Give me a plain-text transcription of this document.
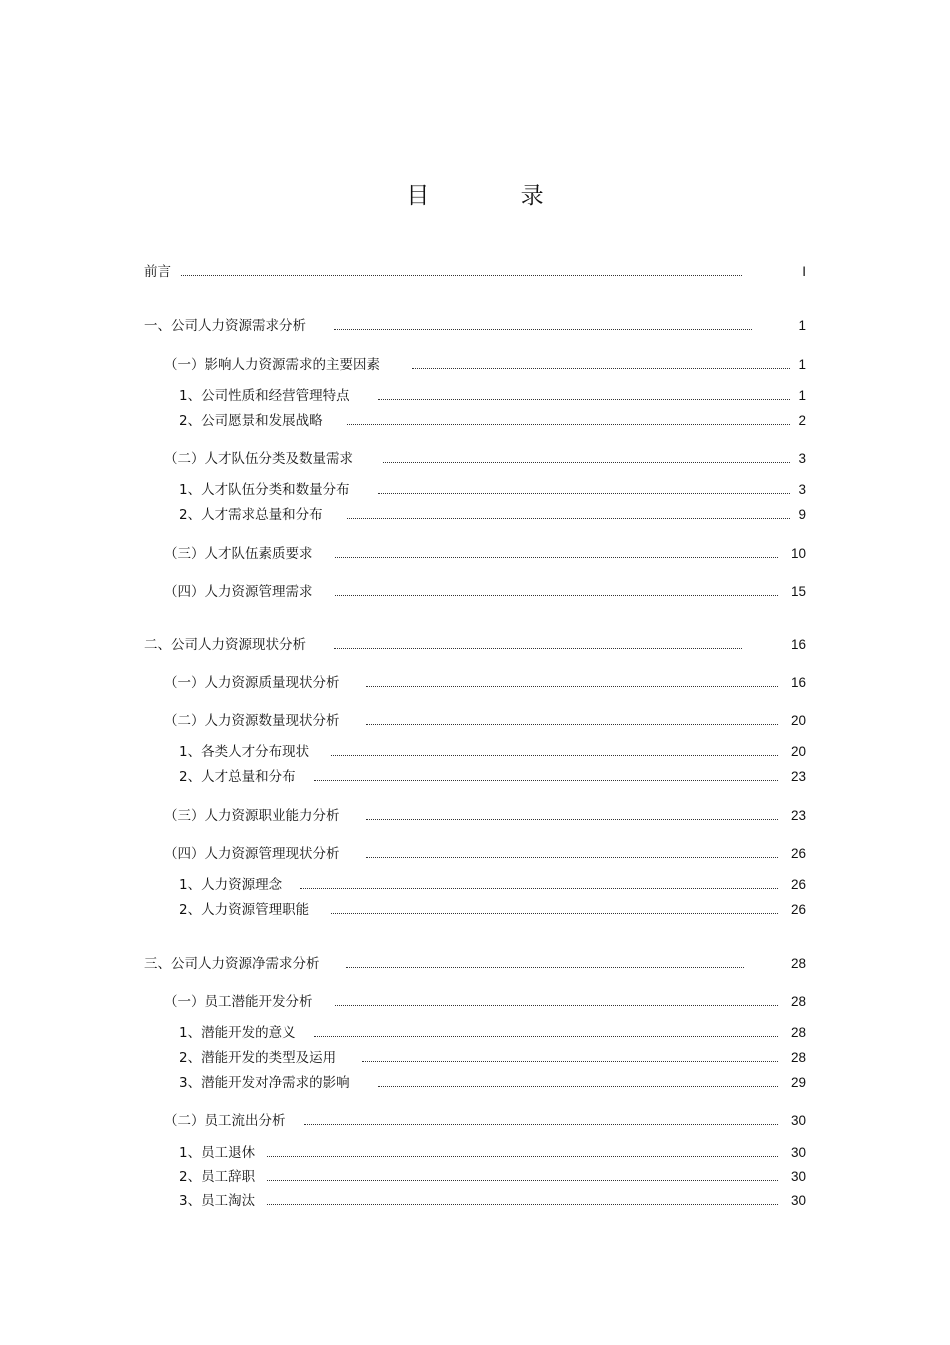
目 录
前言	I
一、公司人力资源需求分析	1
（一）影响人力资源需求的主要因素	1
1、公司性质和经营管理特点	1
2、公司愿景和发展战略	2
（二）人才队伍分类及数量需求	3
1、人才队伍分类和数量分布	3
2、人才需求总量和分布	9
（三）人才队伍素质要求	10
（四）人力资源管理需求	15
二、公司人力资源现状分析	16
（一）人力资源质量现状分析	16
（二）人力资源数量现状分析	20
1、各类人才分布现状	20
2、人才总量和分布	23
（三）人力资源职业能力分析	23
（四）人力资源管理现状分析	26
1、人力资源理念	26
2、人力资源管理职能	26
三、公司人力资源净需求分析	28
（一）员工潜能开发分析	28
1、潜能开发的意义	28
2、潜能开发的类型及运用	28
3、潜能开发对净需求的影响	29
（二）员工流出分析	30
1、员工退休	30
2、员工辞职	30
3、员工淘汰	30
